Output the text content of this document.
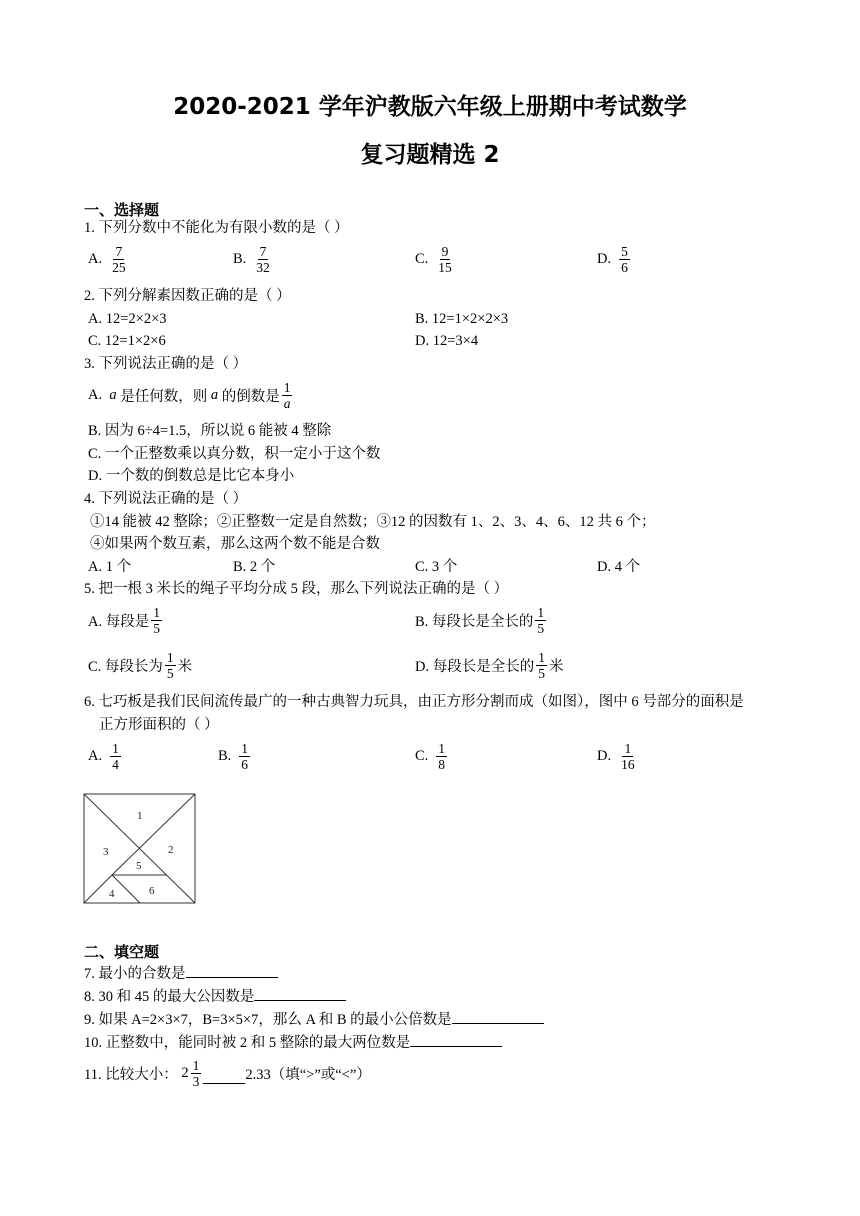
2020-2021 学年沪教版六年级上册期中考试数学
复习题精选 2
一、选择题
1. 下列分数中不能化为有限小数的是（ ）
A. $\frac{7}{25}$	B. $\frac{7}{32}$	C. $\frac{9}{15}$	D. $\frac{5}{6}$
2. 下列分解素因数正确的是（ ）
A. 12=2×2×3	B. 12=1×2×2×3
C. 12=1×2×6	D. 12=3×4
3. 下列说法正确的是（ ）
A.
a
是任何数，则
a
的倒数是 $\frac{1}{a}$
B. 因为 6÷4=1.5，所以说 6 能被 4 整除
C. 一个正整数乘以真分数，积一定小于这个数
D. 一个数的倒数总是比它本身小
4. 下列说法正确的是（ ）
①14 能被 42 整除；②正整数一定是自然数；③12 的因数有 1、2、3、4、6、12 共 6 个；
④如果两个数互素，那么这两个数不能是合数
A. 1 个	B. 2 个	C. 3 个	D. 4 个
5. 把一根 3 米长的绳子平均分成 5 段，那么下列说法正确的是（ ）
A. 每段是 $\frac{1}{5}$	B. 每段长是全长的 $\frac{1}{5}$
C. 每段长为 $\frac{1}{5}$ 米	D. 每段长是全长的 $\frac{1}{5}$ 米
6. 七巧板是我们民间流传最广的一种古典智力玩具，由正方形分割而成（如图），图中 6 号部分的面积是
正方形面积的（ ）
A. $\frac{1}{4}$	B. $\frac{1}{6}$	C. $\frac{1}{8}$	D. $\frac{1}{16}$
1
2
3
4
5
6
二、填空题
7. 最小的合数是
8. 30 和 45 的最大公因数是
9. 如果 A=2×3×7，B=3×5×7，那么 A 和 B 的最小公倍数是
10. 正整数中，能同时被 2 和 5 整除的最大两位数是
11. 比较大小：
$2 \frac{1}{3}$	2.33（填“>”或“<”）
